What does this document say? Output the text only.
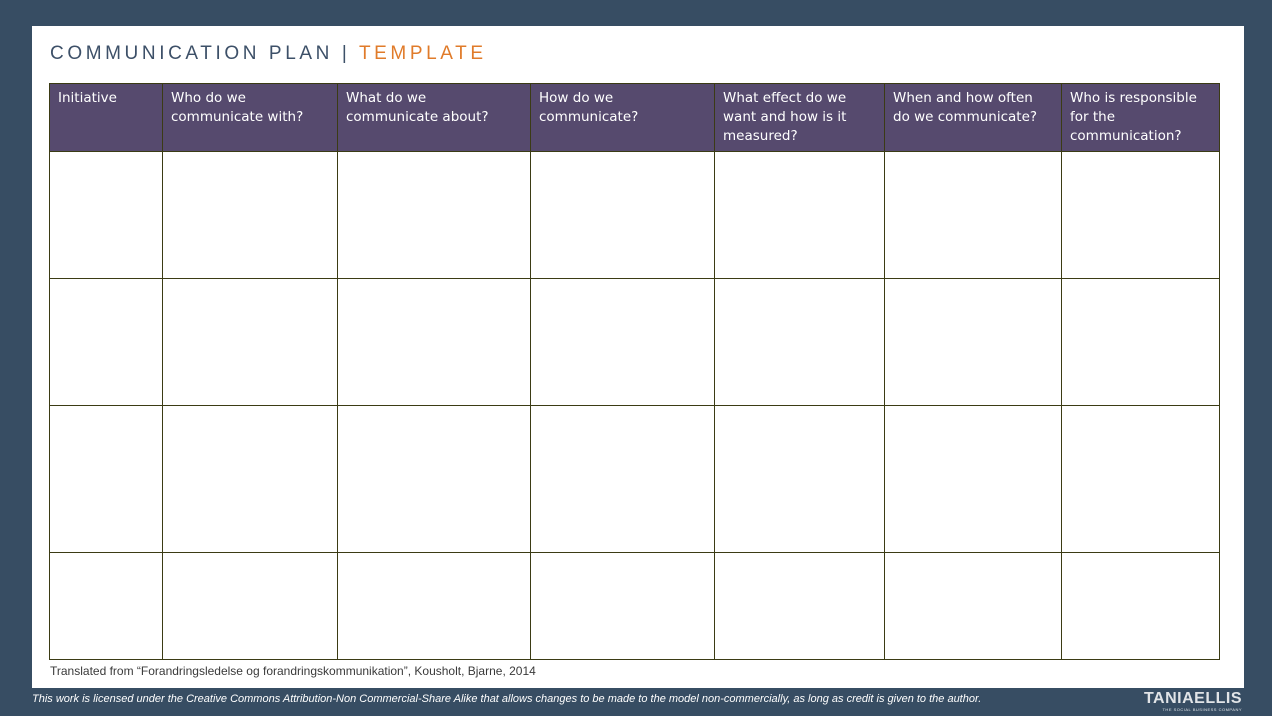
COMMUNICATION PLAN | TEMPLATE
Initiative	Who do we communicate with?	What do we communicate about?	How do we communicate?	What effect do we want and how is it measured?	When and how often do we communicate?	Who is responsible for the communication?

Translated from “Forandringsledelse og forandringskommunikation”, Kousholt, Bjarne, 2014
This work is licensed under the Creative Commons Attribution-Non Commercial-Share Alike that allows changes to be made to the model non-commercially, as long as credit is given to the author.	TANIAELLIS
THE SOCIAL BUSINESS COMPANY
